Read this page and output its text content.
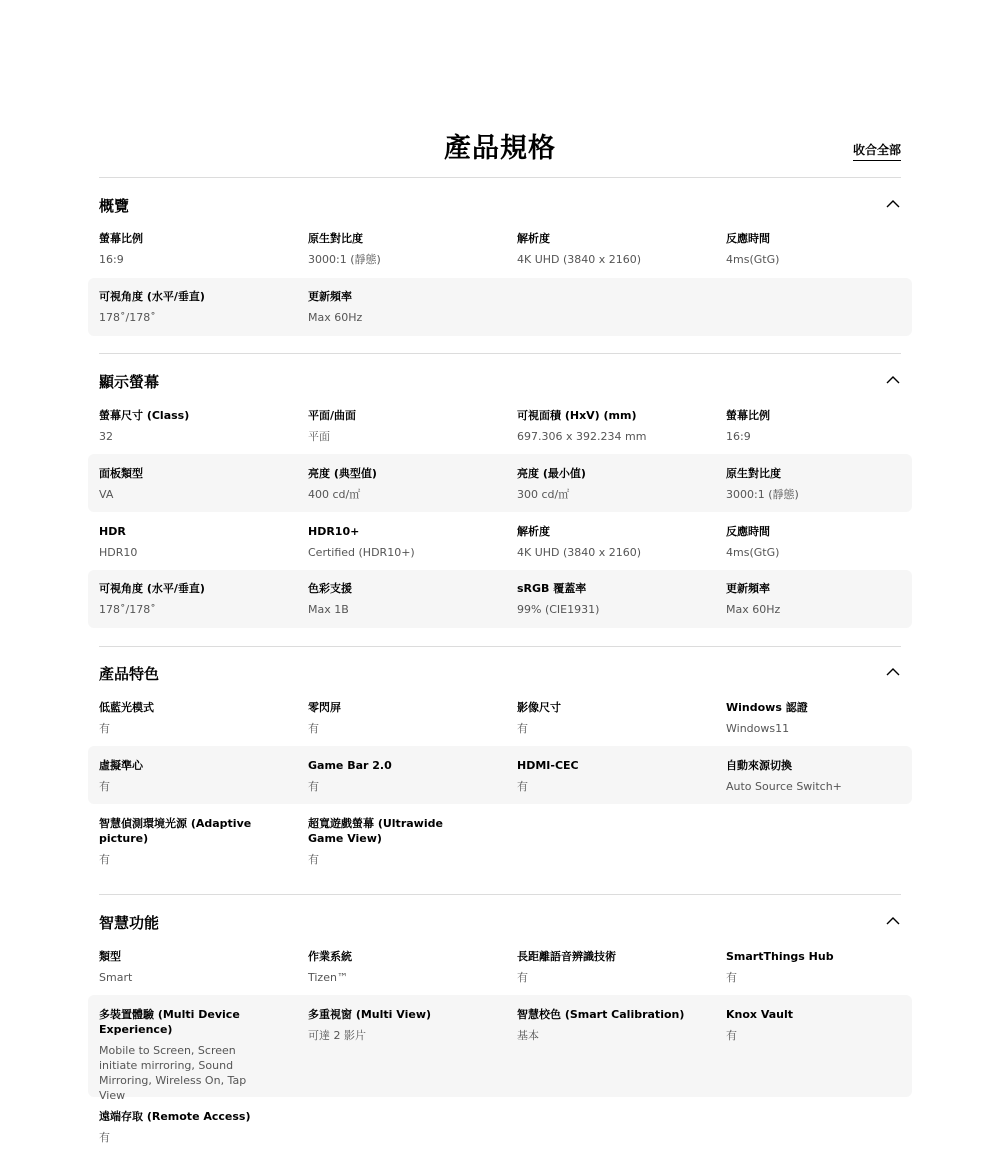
產品規格	收合全部
概覽
螢幕比例
16:9
原生對比度
3000:1 (靜態)
解析度
4K UHD (3840 x 2160)
反應時間
4ms(GtG)
可視角度 (水平/垂直)
178˚/178˚
更新頻率
Max 60Hz
顯示螢幕
螢幕尺寸 (Class)
32
平面/曲面
平面
可視面積 (HxV) (mm)
697.306 x 392.234 mm
螢幕比例
16:9
面板類型
VA
亮度 (典型值)
400 cd/㎡
亮度 (最小值)
300 cd/㎡
原生對比度
3000:1 (靜態)
HDR
HDR10
HDR10+
Certified (HDR10+)
解析度
4K UHD (3840 x 2160)
反應時間
4ms(GtG)
可視角度 (水平/垂直)
178˚/178˚
色彩支援
Max 1B
sRGB 覆蓋率
99% (CIE1931)
更新頻率
Max 60Hz
產品特色
低藍光模式
有
零閃屏
有
影像尺寸
有
Windows 認證
Windows11
虛擬準心
有
Game Bar 2.0
有
HDMI-CEC
有
自動來源切換
Auto Source Switch+
智慧偵測環境光源 (Adaptive picture)
有
超寬遊戲螢幕 (Ultrawide Game View)
有
智慧功能
類型
Smart
作業系統
Tizen™
長距離語音辨識技術
有
SmartThings Hub
有
多裝置體驗 (Multi Device Experience)
Mobile to Screen, Screen initiate mirroring, Sound Mirroring, Wireless On, Tap View
多重視窗 (Multi View)
可達 2 影片
智慧校色 (Smart Calibration)
基本
Knox Vault
有
遠端存取 (Remote Access)
有
